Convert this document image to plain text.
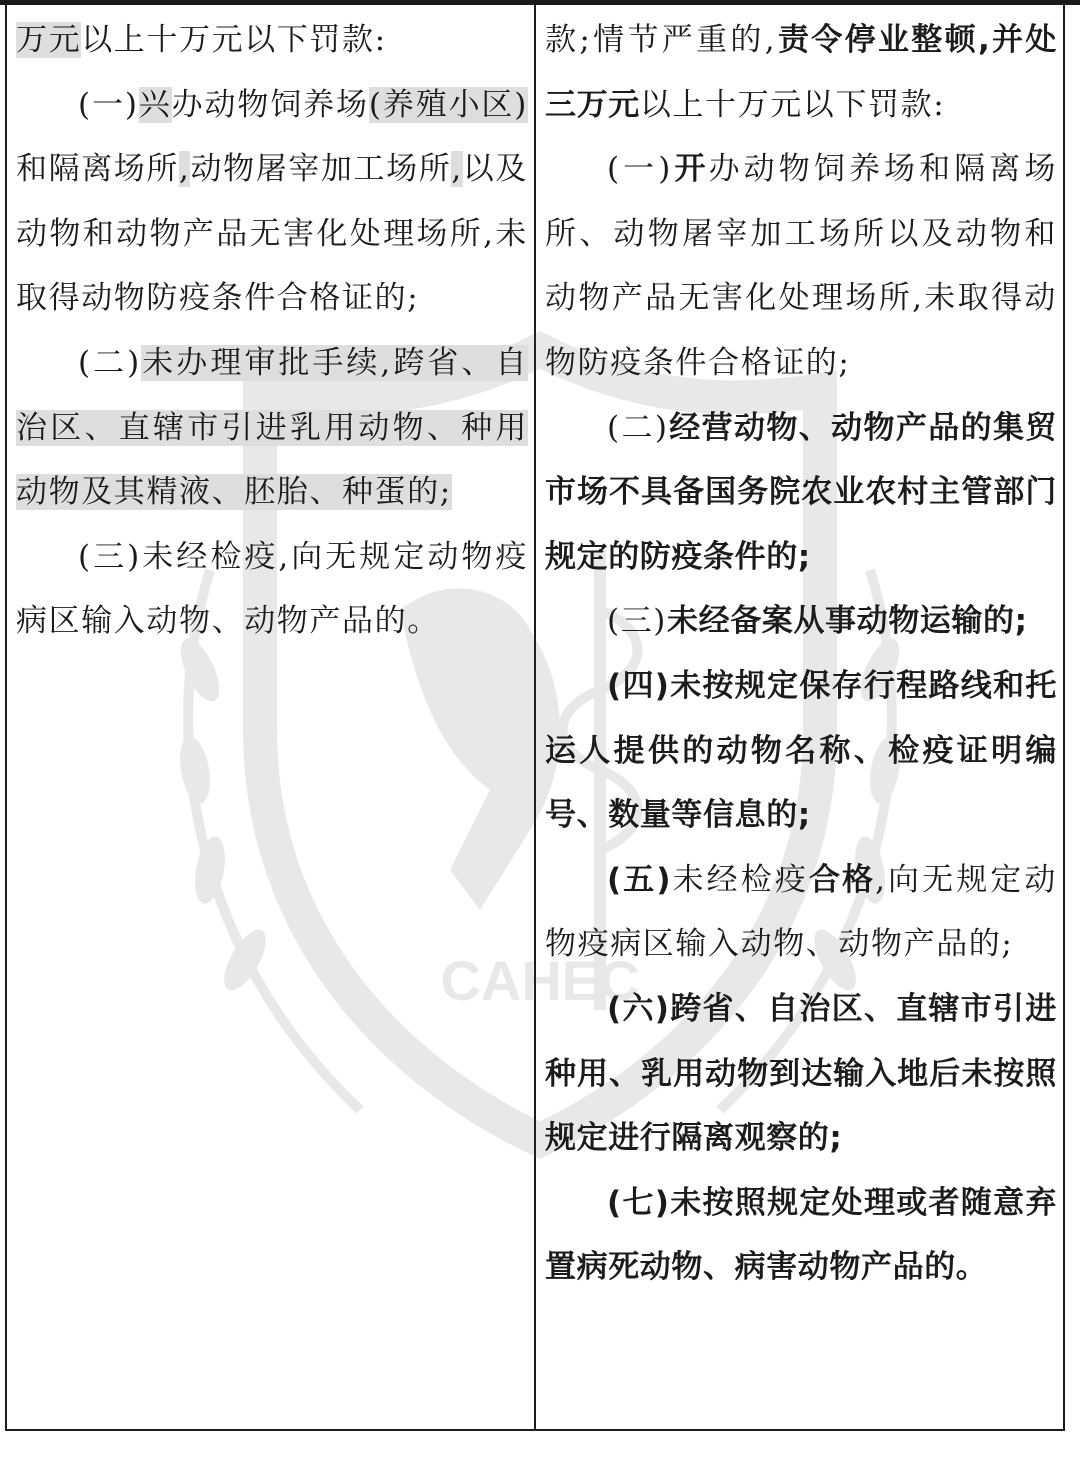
CAHEC

万元以上十万元以下罚款:

(一)兴办动物饲养场(养殖小区)和隔离场所,动物屠宰加工场所,以及动物和动物产品无害化处理场所,未取得动物防疫条件合格证的;

(二)未办理审批手续,跨省、自治区、直辖市引进乳用动物、种用动物及其精液、胚胎、种蛋的;

(三)未经检疫,向无规定动物疫病区输入动物、动物产品的。

款;情节严重的,责令停业整顿,并处三万元以上十万元以下罚款:

(一)开办动物饲养场和隔离场所、动物屠宰加工场所以及动物和动物产品无害化处理场所,未取得动物防疫条件合格证的;

(二)经营动物、动物产品的集贸市场不具备国务院农业农村主管部门规定的防疫条件的;

(三)未经备案从事动物运输的;

(四)未按规定保存行程路线和托运人提供的动物名称、检疫证明编号、数量等信息的;

(五)未经检疫合格,向无规定动物疫病区输入动物、动物产品的;

(六)跨省、自治区、直辖市引进种用、乳用动物到达输入地后未按照规定进行隔离观察的;

(七)未按照规定处理或者随意弃置病死动物、病害动物产品的。
